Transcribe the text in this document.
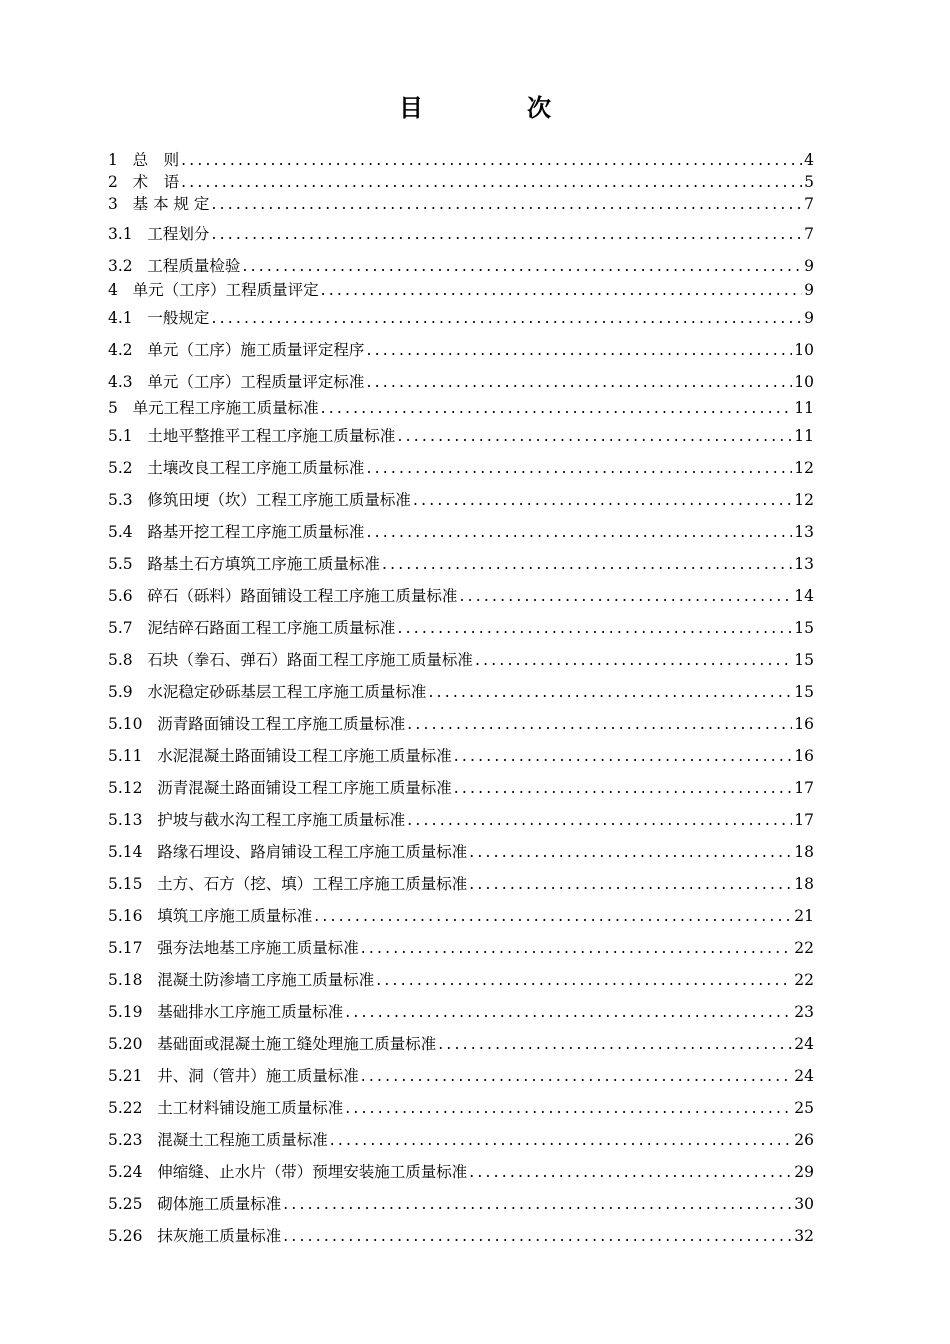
目　次
1   总　则 .....	4
2   术　语 .....	5
3   基 本 规 定 .....	7
3.1   工程划分 .....	7
3.2   工程质量检验 .....	9
4   单元（工序）工程质量评定 .....	9
4.1   一般规定 .....	9
4.2   单元（工序）施工质量评定程序 .....	10
4.3   单元（工序）工程质量评定标准 .....	10
5   单元工程工序施工质量标准 .....	11
5.1   土地平整推平工程工序施工质量标准 .....	11
5.2   土壤改良工程工序施工质量标准 .....	12
5.3   修筑田埂（坎）工程工序施工质量标准 .....	12
5.4   路基开挖工程工序施工质量标准 .....	13
5.5   路基土石方填筑工序施工质量标准 .....	13
5.6   碎石（砾料）路面铺设工程工序施工质量标准 .....	14
5.7   泥结碎石路面工程工序施工质量标准 .....	15
5.8   石块（拳石、弹石）路面工程工序施工质量标准 .....	15
5.9   水泥稳定砂砾基层工程工序施工质量标准 .....	15
5.10   沥青路面铺设工程工序施工质量标准 .....	16
5.11   水泥混凝土路面铺设工程工序施工质量标准 .....	16
5.12   沥青混凝土路面铺设工程工序施工质量标准 .....	17
5.13   护坡与截水沟工程工序施工质量标准 .....	17
5.14   路缘石埋设、路肩铺设工程工序施工质量标准 .....	18
5.15   土方、石方（挖、填）工程工序施工质量标准 .....	18
5.16   填筑工序施工质量标准 .....	21
5.17   强夯法地基工序施工质量标准 .....	22
5.18   混凝土防渗墙工序施工质量标准 .....	22
5.19   基础排水工序施工质量标准 .....	23
5.20   基础面或混凝土施工缝处理施工质量标准 .....	24
5.21   井、洞（管井）施工质量标准 .....	24
5.22   土工材料铺设施工质量标准 .....	25
5.23   混凝土工程施工质量标准 .....	26
5.24   伸缩缝、止水片（带）预埋安装施工质量标准 .....	29
5.25   砌体施工质量标准 .....	30
5.26   抹灰施工质量标准 .....	32
